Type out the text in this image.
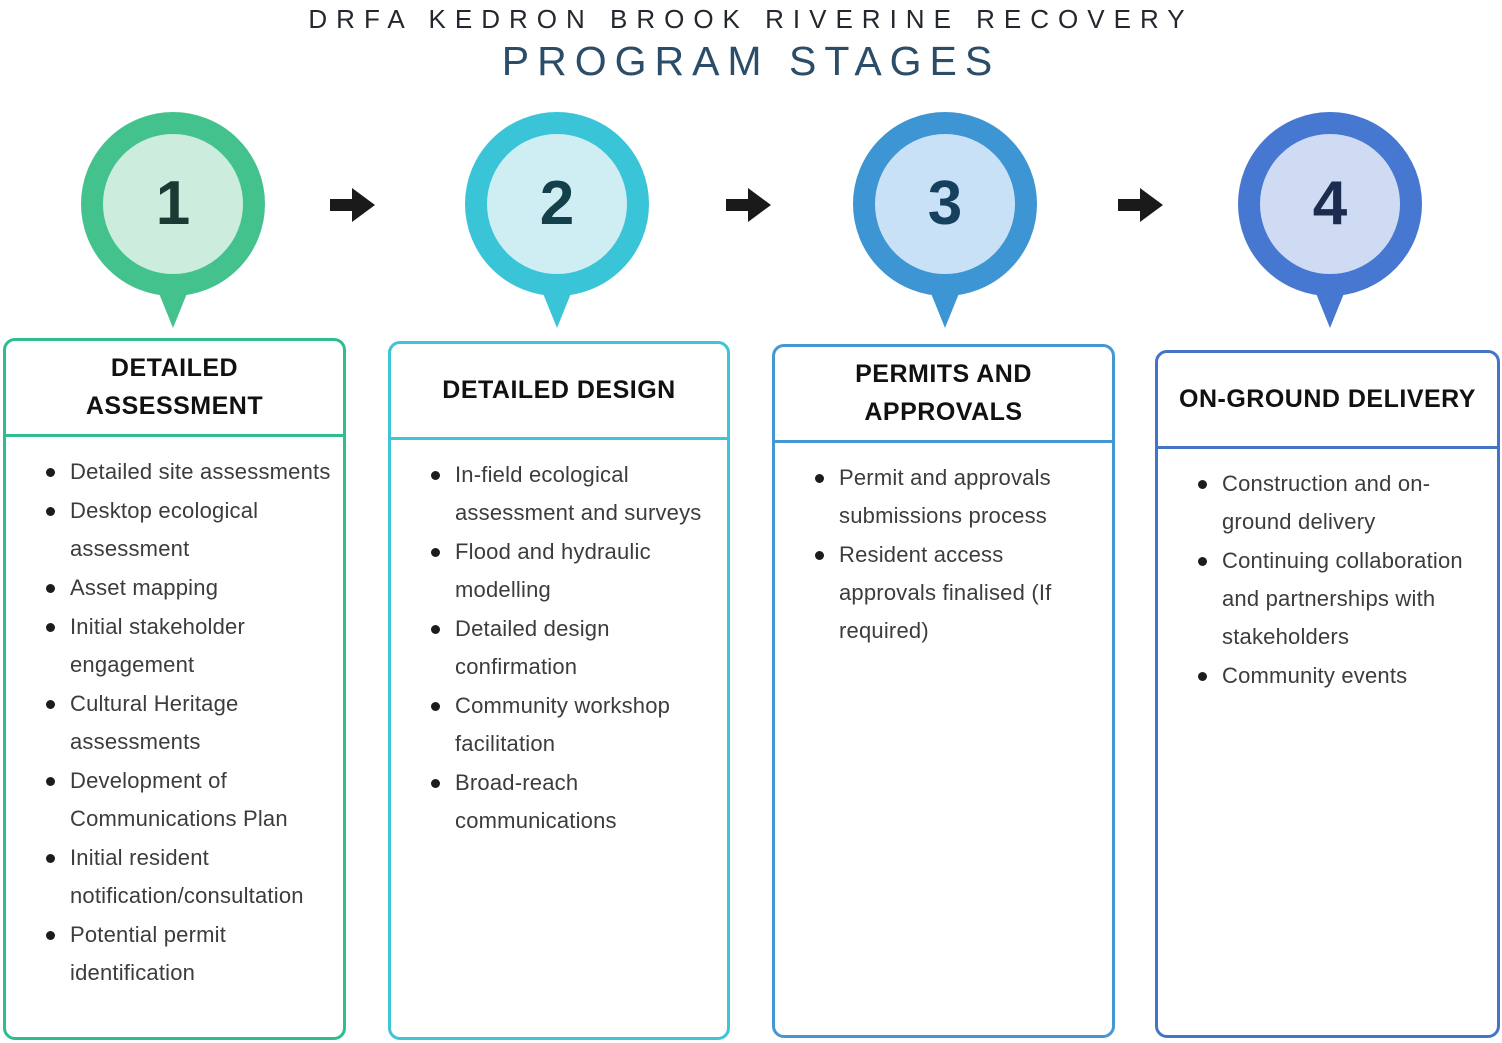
DRFA KEDRON BROOK RIVERINE RECOVERY
PROGRAM STAGES
1	2	3	4
DETAILED ASSESSMENT
Detailed site assessments
Desktop ecological assessment
Asset mapping
Initial stakeholder engagement
Cultural Heritage assessments
Development of Communications Plan
Initial resident notification/consultation
Potential permit identification
DETAILED DESIGN
In-field ecological assessment and surveys
Flood and hydraulic modelling
Detailed design confirmation
Community workshop facilitation
Broad-reach communications
PERMITS AND APPROVALS
Permit and approvals submissions process
Resident access approvals finalised (If required)
ON-GROUND DELIVERY
Construction and on-ground delivery
Continuing collaboration and partnerships with stakeholders
Community events
